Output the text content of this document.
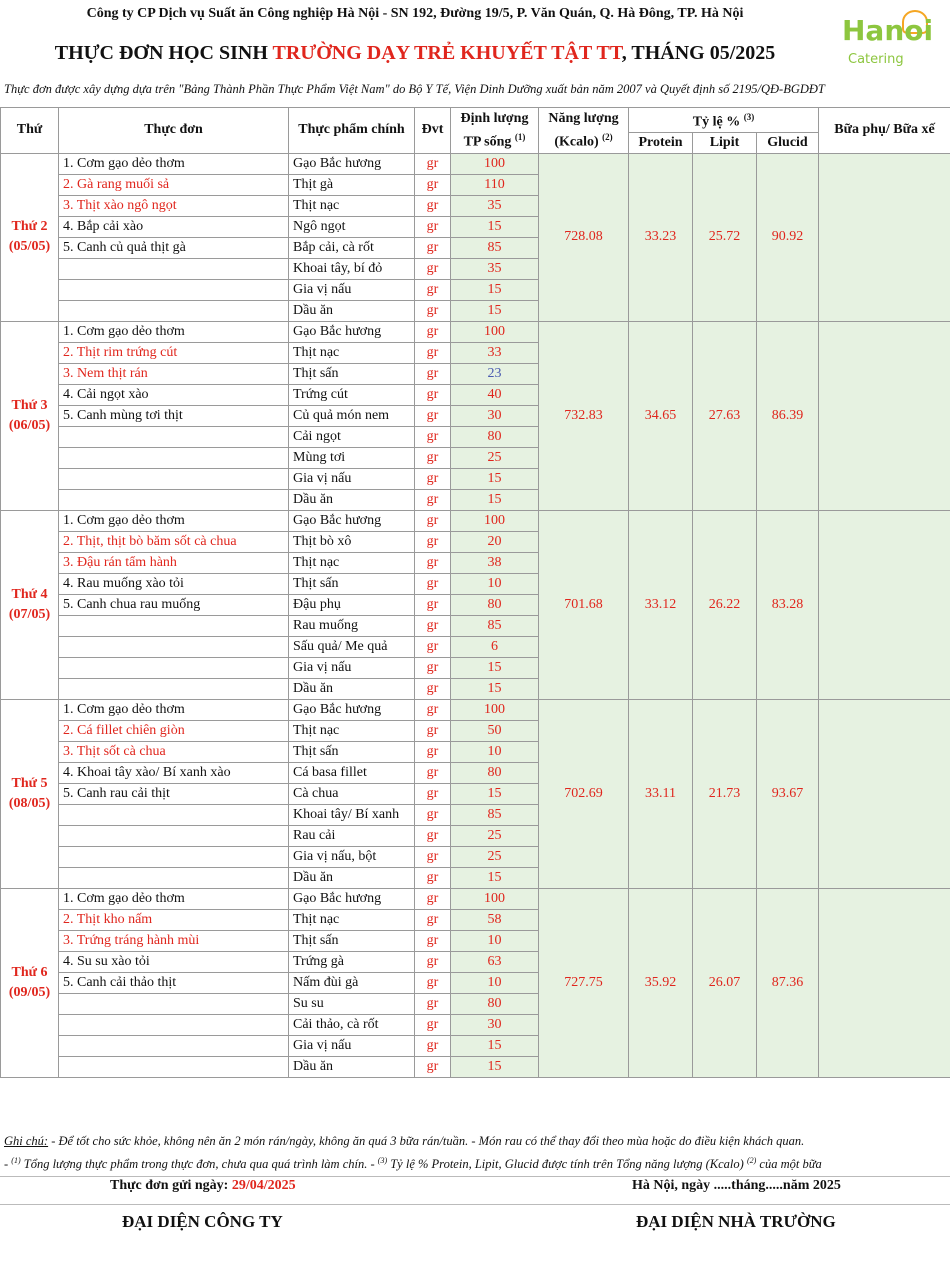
Công ty CP Dịch vụ Suất ăn Công nghiệp Hà Nội - SN 192, Đường 19/5, P. Văn Quán, Q. Hà Đông, TP. Hà Nội
THỰC ĐƠN HỌC SINH TRƯỜNG DẠY TRẺ KHUYẾT TẬT TT, THÁNG 05/2025
Hanoi
Catering
Thực đơn được xây dựng dựa trên "Bảng Thành Phần Thực Phẩm Việt Nam" do Bộ Y Tế, Viện Dinh Dưỡng xuất bản năm 2007 và Quyết định số 2195/QĐ-BGDĐT
Thứ	Thực đơn	Thực phẩm chính	Đvt	Định lượng TP sống $^{(1)}$	Năng lượng (Kcalo) $^{(2)}$	Tỷ lệ % $^{(3)}$			Bữa phụ/ Bữa xế
						Protein	Lipit	Glucid	
Thứ 2
(05/05)	1. Cơm gạo dẻo thơm	Gạo Bắc hương	gr	100	728.08	33.23	25.72	90.92	
	2. Gà rang muối sả	Thịt gà	gr	110					
	3. Thịt xào ngô ngọt	Thịt nạc	gr	35					
	4. Bắp cải xào	Ngô ngọt	gr	15					
	5. Canh củ quả thịt gà	Bắp cải, cà rốt	gr	85					
		Khoai tây, bí đỏ	gr	35					
		Gia vị nấu	gr	15					
		Dầu ăn	gr	15					
Thứ 3
(06/05)	1. Cơm gạo dẻo thơm	Gạo Bắc hương	gr	100	732.83	34.65	27.63	86.39	
	2. Thịt rim trứng cút	Thịt nạc	gr	33					
	3. Nem thịt rán	Thịt sấn	gr	23					
	4. Cải ngọt xào	Trứng cút	gr	40					
	5. Canh mùng tơi thịt	Củ quả món nem	gr	30					
		Cải ngọt	gr	80					
		Mùng tơi	gr	25					
		Gia vị nấu	gr	15					
		Dầu ăn	gr	15					
Thứ 4
(07/05)	1. Cơm gạo dẻo thơm	Gạo Bắc hương	gr	100	701.68	33.12	26.22	83.28	
	2. Thịt, thịt bò băm sốt cà chua	Thịt bò xô	gr	20					
	3. Đậu rán tẩm hành	Thịt nạc	gr	38					
	4. Rau muống xào tỏi	Thịt sấn	gr	10					
	5. Canh chua rau muống	Đậu phụ	gr	80					
		Rau muống	gr	85					
		Sấu quả/ Me quả	gr	6					
		Gia vị nấu	gr	15					
		Dầu ăn	gr	15					
Thứ 5
(08/05)	1. Cơm gạo dẻo thơm	Gạo Bắc hương	gr	100	702.69	33.11	21.73	93.67	
	2. Cá fillet chiên giòn	Thịt nạc	gr	50					
	3. Thịt sốt cà chua	Thịt sấn	gr	10					
	4. Khoai tây xào/ Bí xanh xào	Cá basa fillet	gr	80					
	5. Canh rau cải thịt	Cà chua	gr	15					
		Khoai tây/ Bí xanh	gr	85					
		Rau cải	gr	25					
		Gia vị nấu, bột	gr	25					
		Dầu ăn	gr	15					
Thứ 6
(09/05)	1. Cơm gạo dẻo thơm	Gạo Bắc hương	gr	100	727.75	35.92	26.07	87.36	
	2. Thịt kho nấm	Thịt nạc	gr	58					
	3. Trứng tráng hành mùi	Thịt sấn	gr	10					
	4. Su su xào tỏi	Trứng gà	gr	63					
	5. Canh cải thảo thịt	Nấm đùi gà	gr	10					
		Su su	gr	80					
		Cải thảo, cà rốt	gr	30					
		Gia vị nấu	gr	15					
		Dầu ăn	gr	15					
Ghi chú: - Để tốt cho sức khỏe, không nên ăn 2 món rán/ngày, không ăn quá 3 bữa rán/tuần. - Món rau có thể thay đổi theo mùa hoặc do điều kiện khách quan.
- $^{(1)}$ Tổng lượng thực phẩm trong thực đơn, chưa qua quá trình làm chín. - $^{(3)}$ Tỷ lệ % Protein, Lipit, Glucid được tính trên Tổng năng lượng (Kcalo) $^{(2)}$ của một bữa
Thực đơn gửi ngày: 29/04/2025	Hà Nội, ngày .....tháng.....năm 2025
ĐẠI DIỆN CÔNG TY	ĐẠI DIỆN NHÀ TRƯỜNG
